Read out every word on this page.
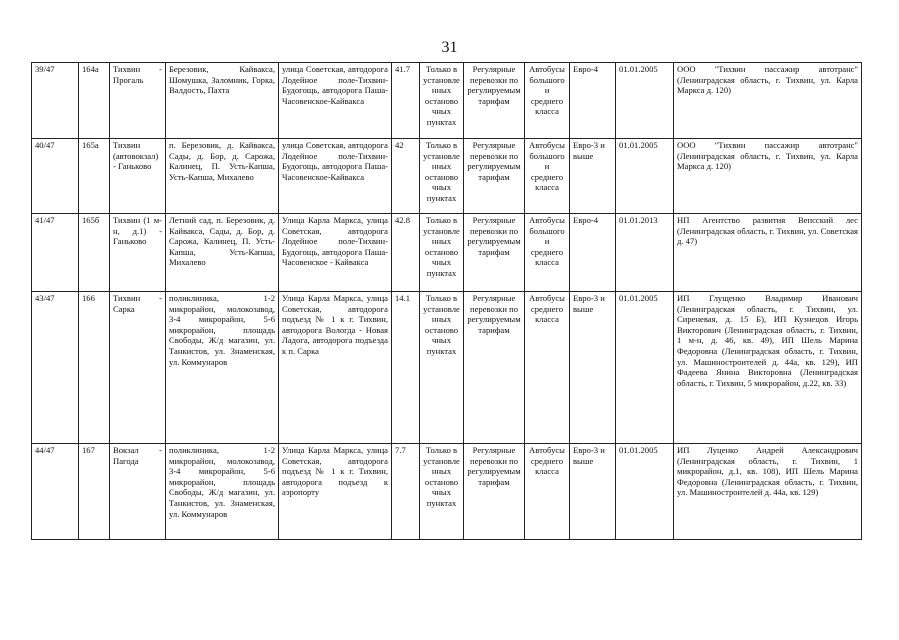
31
39/47	164a	Тихвин - Прогаль	Березовик, Кайвакса, Шомушка, Заломник, Горка, Валдость, Пахта	улица Советская, автодорога Лодейное поле-Тихвин-Будогощь, автодорога Паша-Часовенское-Кайвакса	41.7	Только в установленных остановочных пунктах	Регулярные перевозки по регулируемым тарифам	Автобусы большого и среднего класса	Евро-4	01.01.2005	ООО "Тихвин пассажир автотранс" (Ленинградская область, г. Тихвин, ул. Карла Маркса д. 120)
40/47	165a	Тихвин (автовокзал) - Ганьково	п. Березовик, д. Кайвакса, Сады, д. Бор, д. Сарожа, Калинец, П. Усть-Капша, Усть-Капша, Михалево	улица Советская, автодорога Лодейное поле-Тихвин-Будогощь, автодорога Паша-Часовенское-Кайвакса	42	Только в установленных остановочных пунктах	Регулярные перевозки по регулируемым тарифам	Автобусы большого и среднего класса	Евро-3 и выше	01.01.2005	ООО "Тихвин пассажир автотранс" (Ленинградская область, г. Тихвин, ул. Карла Маркса д. 120)
41/47	165б	Тихвин (1 м-н, д.1) - Ганьково	Летний сад, п. Березовик, д. Кайвакса, Сады, д. Бор, д. Сарожа, Калинец, П. Усть-Капша, Усть-Капша, Михалево	Улица Карла Маркса, улица Советская, автодорога Лодейное поле-Тихвин-Будогощь, автодорога Паша-Часовенское - Кайвакса	42.8	Только в установленных остановочных пунктах	Регулярные перевозки по регулируемым тарифам	Автобусы большого и среднего класса	Евро-4	01.01.2013	НП Агентство развития Вепсский лес (Ленинградская область, г. Тихвин, ул. Советская д. 47)
43/47	166	Тихвин - Сарка	поликлиника, 1-2 микрорайон, молокозавод, 3-4 микрорайон, 5-6 микрорайон, площадь Свободы, Ж/д магазин, ул. Танкистов, ул. Знаменская, ул. Коммунаров	Улица Карла Маркса, улица Советская, автодорога подъезд № 1 к г. Тихвин, автодорога Вологда - Новая Ладога, автодорога подъезда к п. Сарка	14.1	Только в установленных остановочных пунктах	Регулярные перевозки по регулируемым тарифам	Автобусы среднего класса	Евро-3 и выше	01.01.2005	ИП Глущенко Владимир Иванович (Ленинградская область, г. Тихвин, ул. Сиреневая, д. 15 Б), ИП Кузнецов Игорь Викторович (Ленинградская область, г. Тихвин, 1 м-н, д. 46, кв. 49), ИП Шель Марина Федоровна (Ленинградская область, г. Тихвин, ул. Машиностроителей д. 44а, кв. 129), ИП Фадеева Янина Викторовна (Ленинградская область, г. Тихвин, 5 микрорайон, д.22, кв. 33)
44/47	167	Вокзал - Пагода	поликлиника, 1-2 микрорайон, молокозавод, 3-4 микрорайон, 5-6 микрорайон, площадь Свободы, Ж/д магазин, ул. Танкистов, ул. Знаменская, ул. Коммунаров	Улица Карла Маркса, улица Советская, автодорога подъезд № 1 к г. Тихвин, автодорога подъезд к аэропорту	7.7	Только в установленных остановочных пунктах	Регулярные перевозки по регулируемым тарифам	Автобусы среднего класса	Евро-3 и выше	01.01.2005	ИП Луценко Андрей Александрович (Ленинградская область, г. Тихвин, 1 микрорайон, д.1, кв. 108), ИП Шель Марина Федоровна (Ленинградская область, г. Тихвин, ул. Машиностроителей д. 44а, кв. 129)
